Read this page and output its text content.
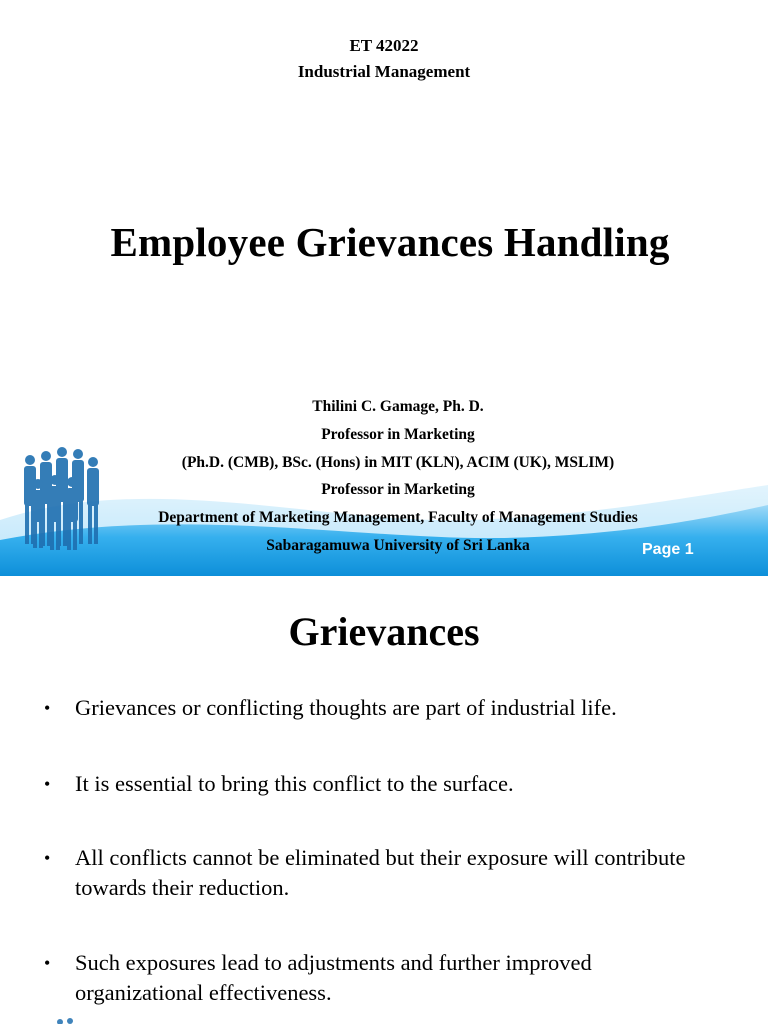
ET 42022
Industrial Management
Employee Grievances Handling
Thilini C. Gamage, Ph. D.
Professor in Marketing
(Ph.D. (CMB), BSc. (Hons) in MIT (KLN), ACIM (UK), MSLIM)
Professor in Marketing
Department of Marketing Management, Faculty of Management Studies
Sabaragamuwa University of Sri Lanka	Page 1
Grievances
• Grievances or conflicting thoughts are part of industrial life.
• It is essential to bring this conflict to the surface.
• All conflicts cannot be eliminated but their exposure will contribute towards their reduction.
• Such exposures lead to adjustments and further improved organizational effectiveness.
